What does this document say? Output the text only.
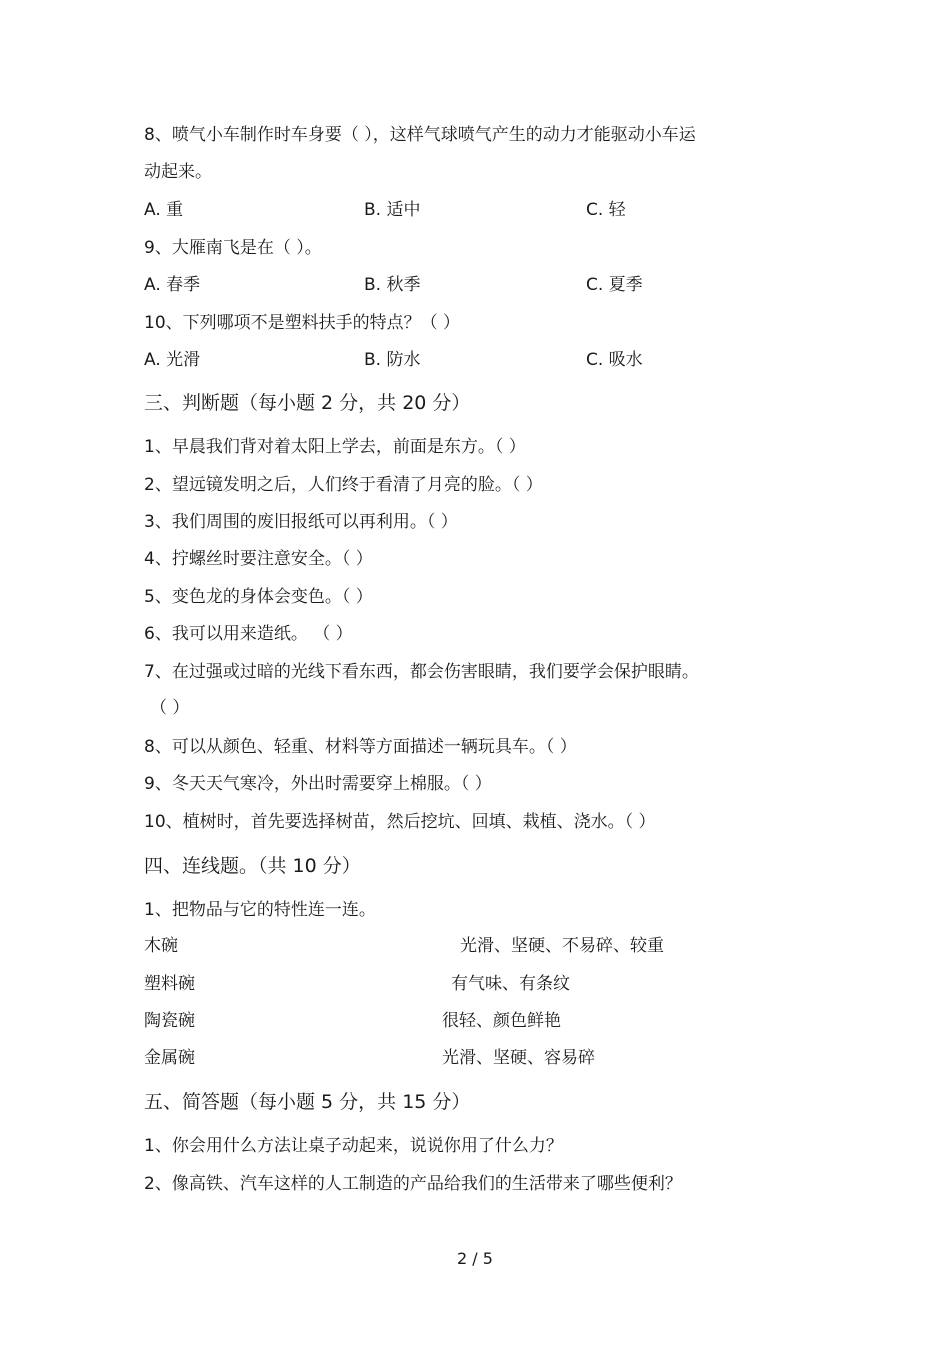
8、喷气小车制作时车身要（ ），这样气球喷气产生的动力才能驱动小车运
动起来。
A. 重	B. 适中	C. 轻
9、大雁南飞是在（ ）。
A. 春季	B. 秋季	C. 夏季
10、下列哪项不是塑料扶手的特点？（ ）
A. 光滑	B. 防水	C. 吸水
三、判断题（每小题 2 分，共 20 分）
1、早晨我们背对着太阳上学去，前面是东方。（ ）
2、望远镜发明之后，人们终于看清了月亮的脸。（ ）
3、我们周围的废旧报纸可以再利用。（ ）
4、拧螺丝时要注意安全。（ ）
5、变色龙的身体会变色。（ ）
6、我可以用来造纸。 （ ）
7、在过强或过暗的光线下看东西，都会伤害眼睛，我们要学会保护眼睛。
（ ）
8、可以从颜色、轻重、材料等方面描述一辆玩具车。（ ）
9、冬天天气寒冷，外出时需要穿上棉服。（ ）
10、植树时，首先要选择树苗，然后挖坑、回填、栽植、浇水。（ ）
四、连线题。（共 10 分）
1、把物品与它的特性连一连。
木碗	光滑、坚硬、不易碎、较重
塑料碗	有气味、有条纹
陶瓷碗	很轻、颜色鲜艳
金属碗	光滑、坚硬、容易碎
五、简答题（每小题 5 分，共 15 分）
1、你会用什么方法让桌子动起来，说说你用了什么力？
2、像高铁、汽车这样的人工制造的产品给我们的生活带来了哪些便利？
2 / 5
